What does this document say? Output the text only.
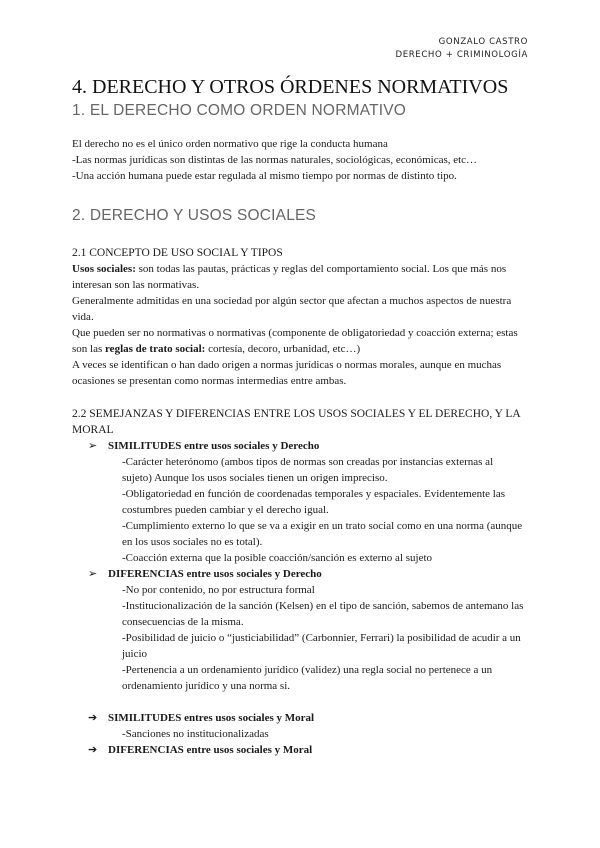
GONZALO CASTRO
DERECHO + CRIMINOLOGÍA
4. DERECHO Y OTROS ÓRDENES NORMATIVOS
1. EL DERECHO COMO ORDEN NORMATIVO

El derecho no es el único orden normativo que rige la conducta humana

-Las normas jurídicas son distintas de las normas naturales, sociológicas, económicas, etc…

-Una acción humana puede estar regulada al mismo tiempo por normas de distinto tipo.

2. DERECHO Y USOS SOCIALES
2.1 CONCEPTO DE USO SOCIAL Y TIPOS

Usos sociales: son todas las pautas, prácticas y reglas del comportamiento social. Los que más nos interesan son las normativas.

Generalmente admitidas en una sociedad por algún sector que afectan a muchos aspectos de nuestra vida.

Que pueden ser no normativas o normativas (componente de obligatoriedad y coacción externa; estas son las reglas de trato social: cortesía, decoro, urbanidad, etc…)

A veces se identifican o han dado origen a normas jurídicas o normas morales, aunque en muchas ocasiones se presentan como normas intermedias entre ambas.

2.2 SEMEJANZAS Y DIFERENCIAS ENTRE LOS USOS SOCIALES Y EL DERECHO, Y LA MORAL
➢ SIMILITUDES entre usos sociales y Derecho

-Carácter heterónomo (ambos tipos de normas son creadas por instancias externas al sujeto) Aunque los usos sociales tienen un origen impreciso.

-Obligatoriedad en función de coordenadas temporales y espaciales. Evidentemente las costumbres pueden cambiar y el derecho igual.

-Cumplimiento externo lo que se va a exigir en un trato social como en una norma (aunque en los usos sociales no es total).

-Coacción externa que la posible coacción/sanción es externo al sujeto

➢ DIFERENCIAS entre usos sociales y Derecho

-No por contenido, no por estructura formal

-Institucionalización de la sanción (Kelsen) en el tipo de sanción, sabemos de antemano las consecuencias de la misma.

-Posibilidad de juicio o “justiciabilidad” (Carbonnier, Ferrari) la posibilidad de acudir a un juicio

-Pertenencia a un ordenamiento jurídico (validez) una regla social no pertenece a un ordenamiento jurídico y una norma si.

➔ SIMILITUDES entres usos sociales y Moral

-Sanciones no institucionalizadas

➔ DIFERENCIAS entre usos sociales y Moral
